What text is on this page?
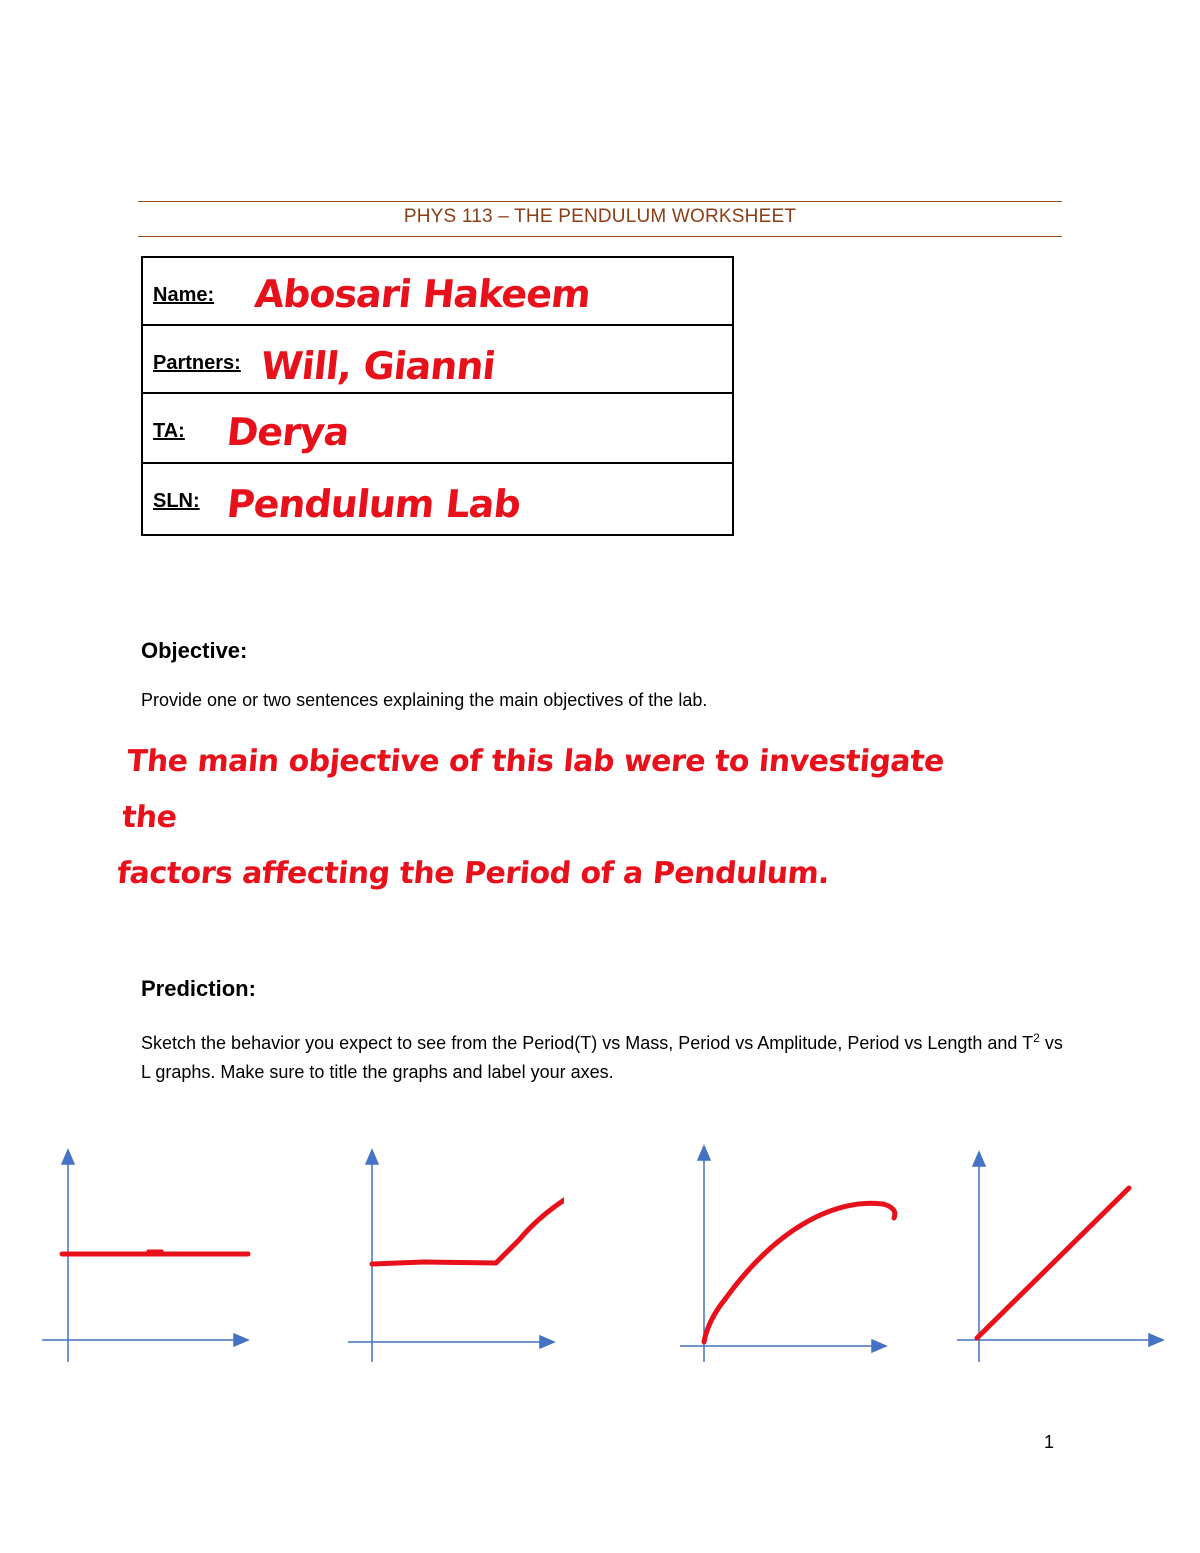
PHYS 113 – THE PENDULUM WORKSHEET
Name: Abosari Hakeem
Partners: Will, Gianni
TA: Derya
SLN: Pendulum Lab
Objective:
Provide one or two sentences explaining the main objectives of the lab.
The main objective of this lab were to investigate the
factors affecting the Period of a Pendulum.
Prediction:
Sketch the behavior you expect to see from the Period(T) vs Mass, Period vs Amplitude, Period vs Length and $T^2$ vs L graphs. Make sure to title the graphs and label your axes.
1
